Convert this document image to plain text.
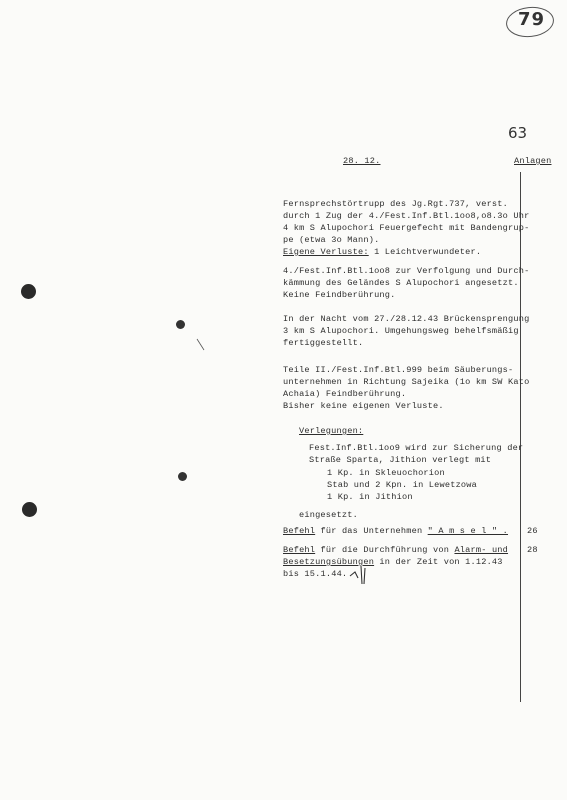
79
63
28. 12.	Anlagen
Fernsprechstörtrupp des Jg.Rgt.737, verst.
durch 1 Zug der 4./Fest.Inf.Btl.1oo8,o8.3o Uhr
4 km S Alupochori Feuergefecht mit Bandengrup-
pe (etwa 3o Mann).
Eigene Verluste: 1 Leichtverwundeter.
4./Fest.Inf.Btl.1oo8 zur Verfolgung und Durch-
kämmung des Geländes S Alupochori angesetzt.
Keine Feindberührung.
In der Nacht vom 27./28.12.43 Brückensprengung
3 km S Alupochori. Umgehungsweg behelfsmäßig
fertiggestellt.
Teile II./Fest.Inf.Btl.999 beim Säuberungs-
unternehmen in Richtung Sajeika (1o km SW Kato
Achaia) Feindberührung.
Bisher keine eigenen Verluste.
Verlegungen:
Fest.Inf.Btl.1oo9 wird zur Sicherung der
Straße Sparta, Jithion verlegt mit
1 Kp. in Skleuochorion
Stab und 2 Kpn. in Lewetzowa
1 Kp. in Jithion
eingesetzt.
Befehl für das Unternehmen " A m s e l " . 26
Befehl für die Durchführung von Alarm- und
Besetzungsübungen in der Zeit von 1.12.43
bis 15.1.44.
28
